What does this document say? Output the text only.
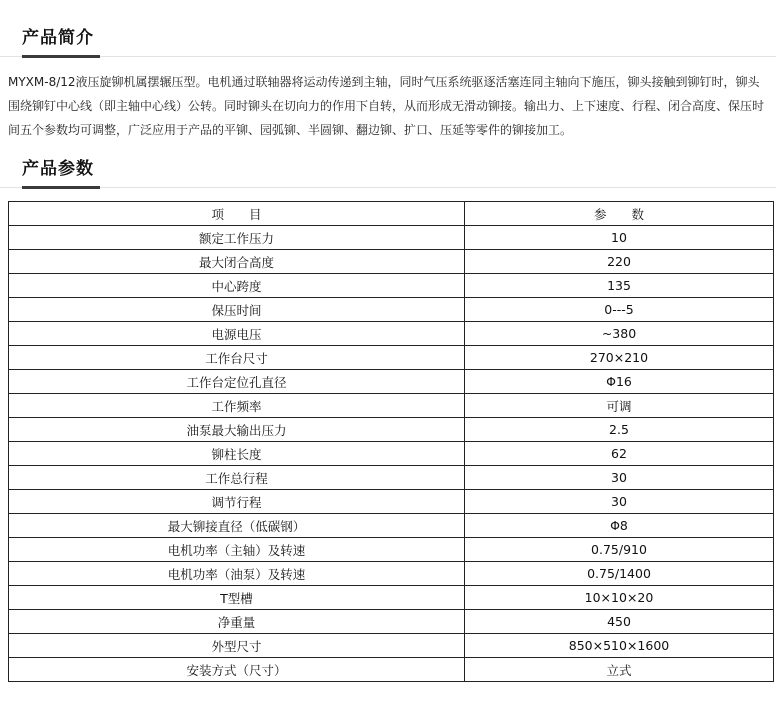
产品简介

MYXM-8/12液压旋铆机属摆辗压型。电机通过联轴器将运动传递到主轴，同时气压系统驱逐活塞连同主轴向下施压，铆头接触到铆钉时，铆头围绕铆钉中心线（即主轴中心线）公转。同时铆头在切向力的作用下自转，从而形成无滑动铆接。输出力、上下速度、行程、闭合高度、保压时间五个参数均可调整，广泛应用于产品的平铆、园弧铆、半圆铆、翻边铆、扩口、压延等零件的铆接加工。

产品参数
项　　目	参　　数
额定工作压力	10
最大闭合高度	220
中心跨度	135
保压时间	0---5
电源电压	~380
工作台尺寸	270×210
工作台定位孔直径	Φ16
工作频率	可调
油泵最大输出压力	2.5
铆柱长度	62
工作总行程	30
调节行程	30
最大铆接直径（低碳钢）	Φ8
电机功率（主轴）及转速	0.75/910
电机功率（油泵）及转速	0.75/1400
T型槽	10×10×20
净重量	450
外型尺寸	850×510×1600
安装方式（尺寸）	立式
